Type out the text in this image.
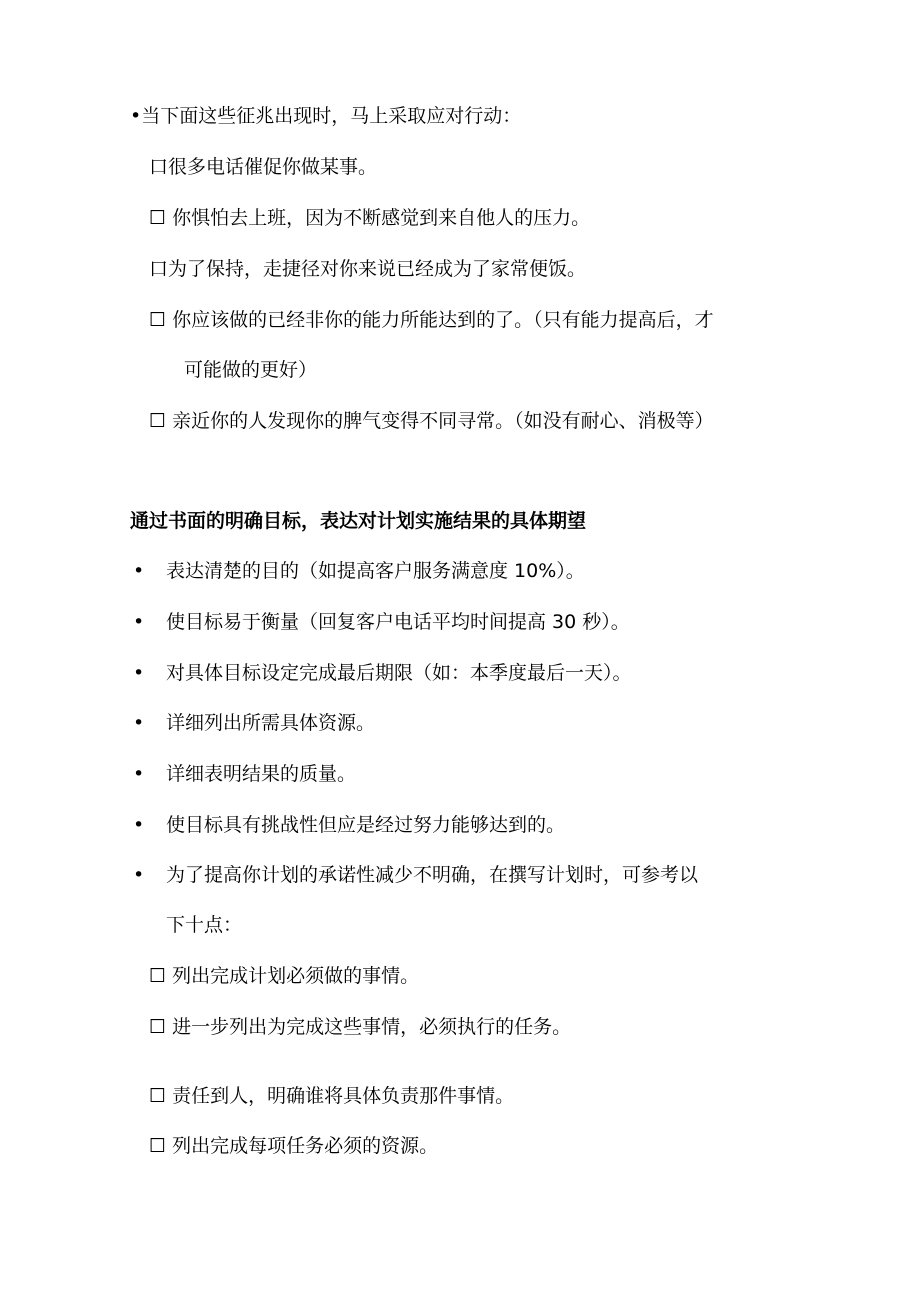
•当下面这些征兆出现时，马上采取应对行动：
口很多电话催促你做某事。
☐ 你惧怕去上班，因为不断感觉到来自他人的压力。
口为了保持，走捷径对你来说已经成为了家常便饭。
☐ 你应该做的已经非你的能力所能达到的了。（只有能力提高后，才
可能做的更好）
☐ 亲近你的人发现你的脾气变得不同寻常。（如没有耐心、消极等）
通过书面的明确目标，表达对计划实施结果的具体期望
• 表达清楚的目的（如提高客户服务满意度 10%）。
• 使目标易于衡量（回复客户电话平均时间提高 30 秒）。
• 对具体目标设定完成最后期限（如：本季度最后一天）。
• 详细列出所需具体资源。
• 详细表明结果的质量。
• 使目标具有挑战性但应是经过努力能够达到的。
• 为了提高你计划的承诺性减少不明确，在撰写计划时，可参考以
下十点：
☐ 列出完成计划必须做的事情。
☐ 进一步列出为完成这些事情，必须执行的任务。
☐ 责任到人，明确谁将具体负责那件事情。
☐ 列出完成每项任务必须的资源。
